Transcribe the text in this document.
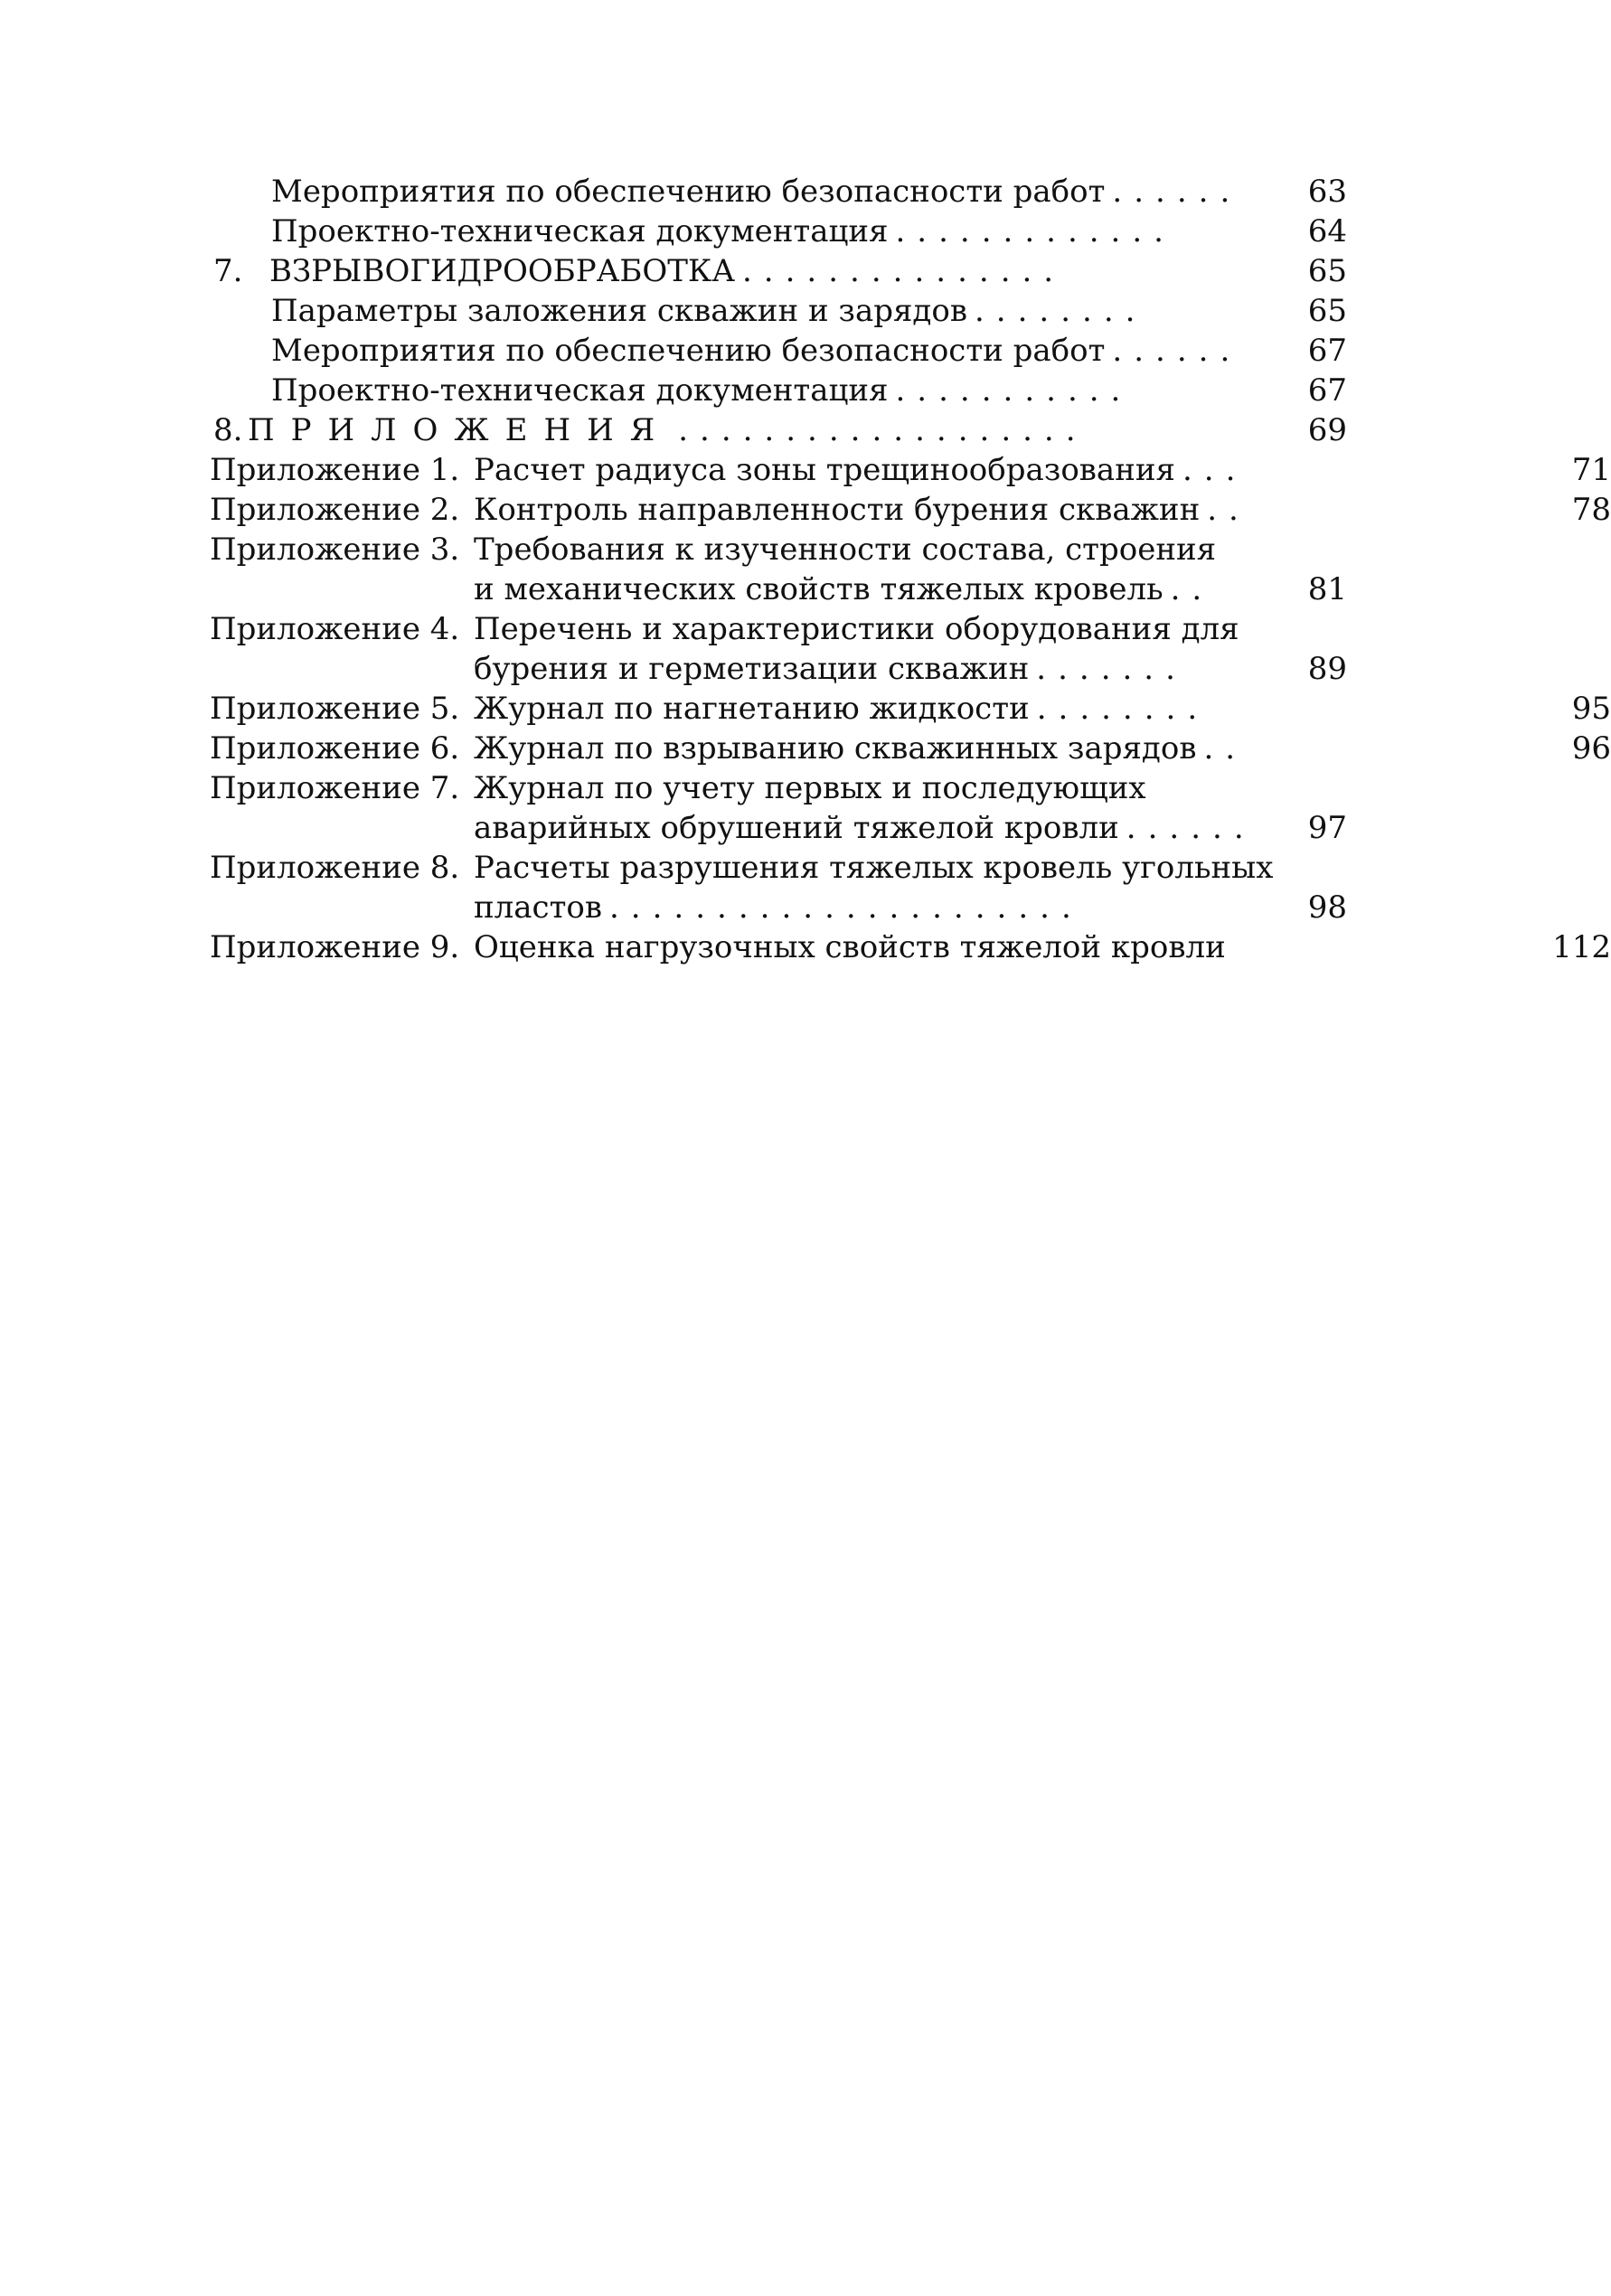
Мероприятия по обеспечению безопасности работ ......	63
Проектно-техническая документация .............	64
7. ВЗРЫВОГИДРООБРАБОТКА ...............	65
Параметры заложения скважин и зарядов ........	65
Мероприятия по обеспечению безопасности работ ......	67
Проектно-техническая документация ...........	67
8. ПРИЛОЖЕНИЯ ...................	69
Приложение 1. Расчет радиуса зоны трещинообразования ...	71
Приложение 2. Контроль направленности бурения скважин ..	78
Приложение 3. Требования к изученности состава, строения
и механических свойств тяжелых кровель ..	81
Приложение 4. Перечень и характеристики оборудования для
бурения и герметизации скважин .......	89
Приложение 5. Журнал по нагнетанию жидкости ........	95
Приложение 6. Журнал по взрыванию скважинных зарядов ..	96
Приложение 7. Журнал по учету первых и последующих
аварийных обрушений тяжелой кровли ......	97
Приложение 8. Расчеты разрушения тяжелых кровель угольных
пластов ......................	98
Приложение 9. Оценка нагрузочных свойств тяжелой кровли	112
